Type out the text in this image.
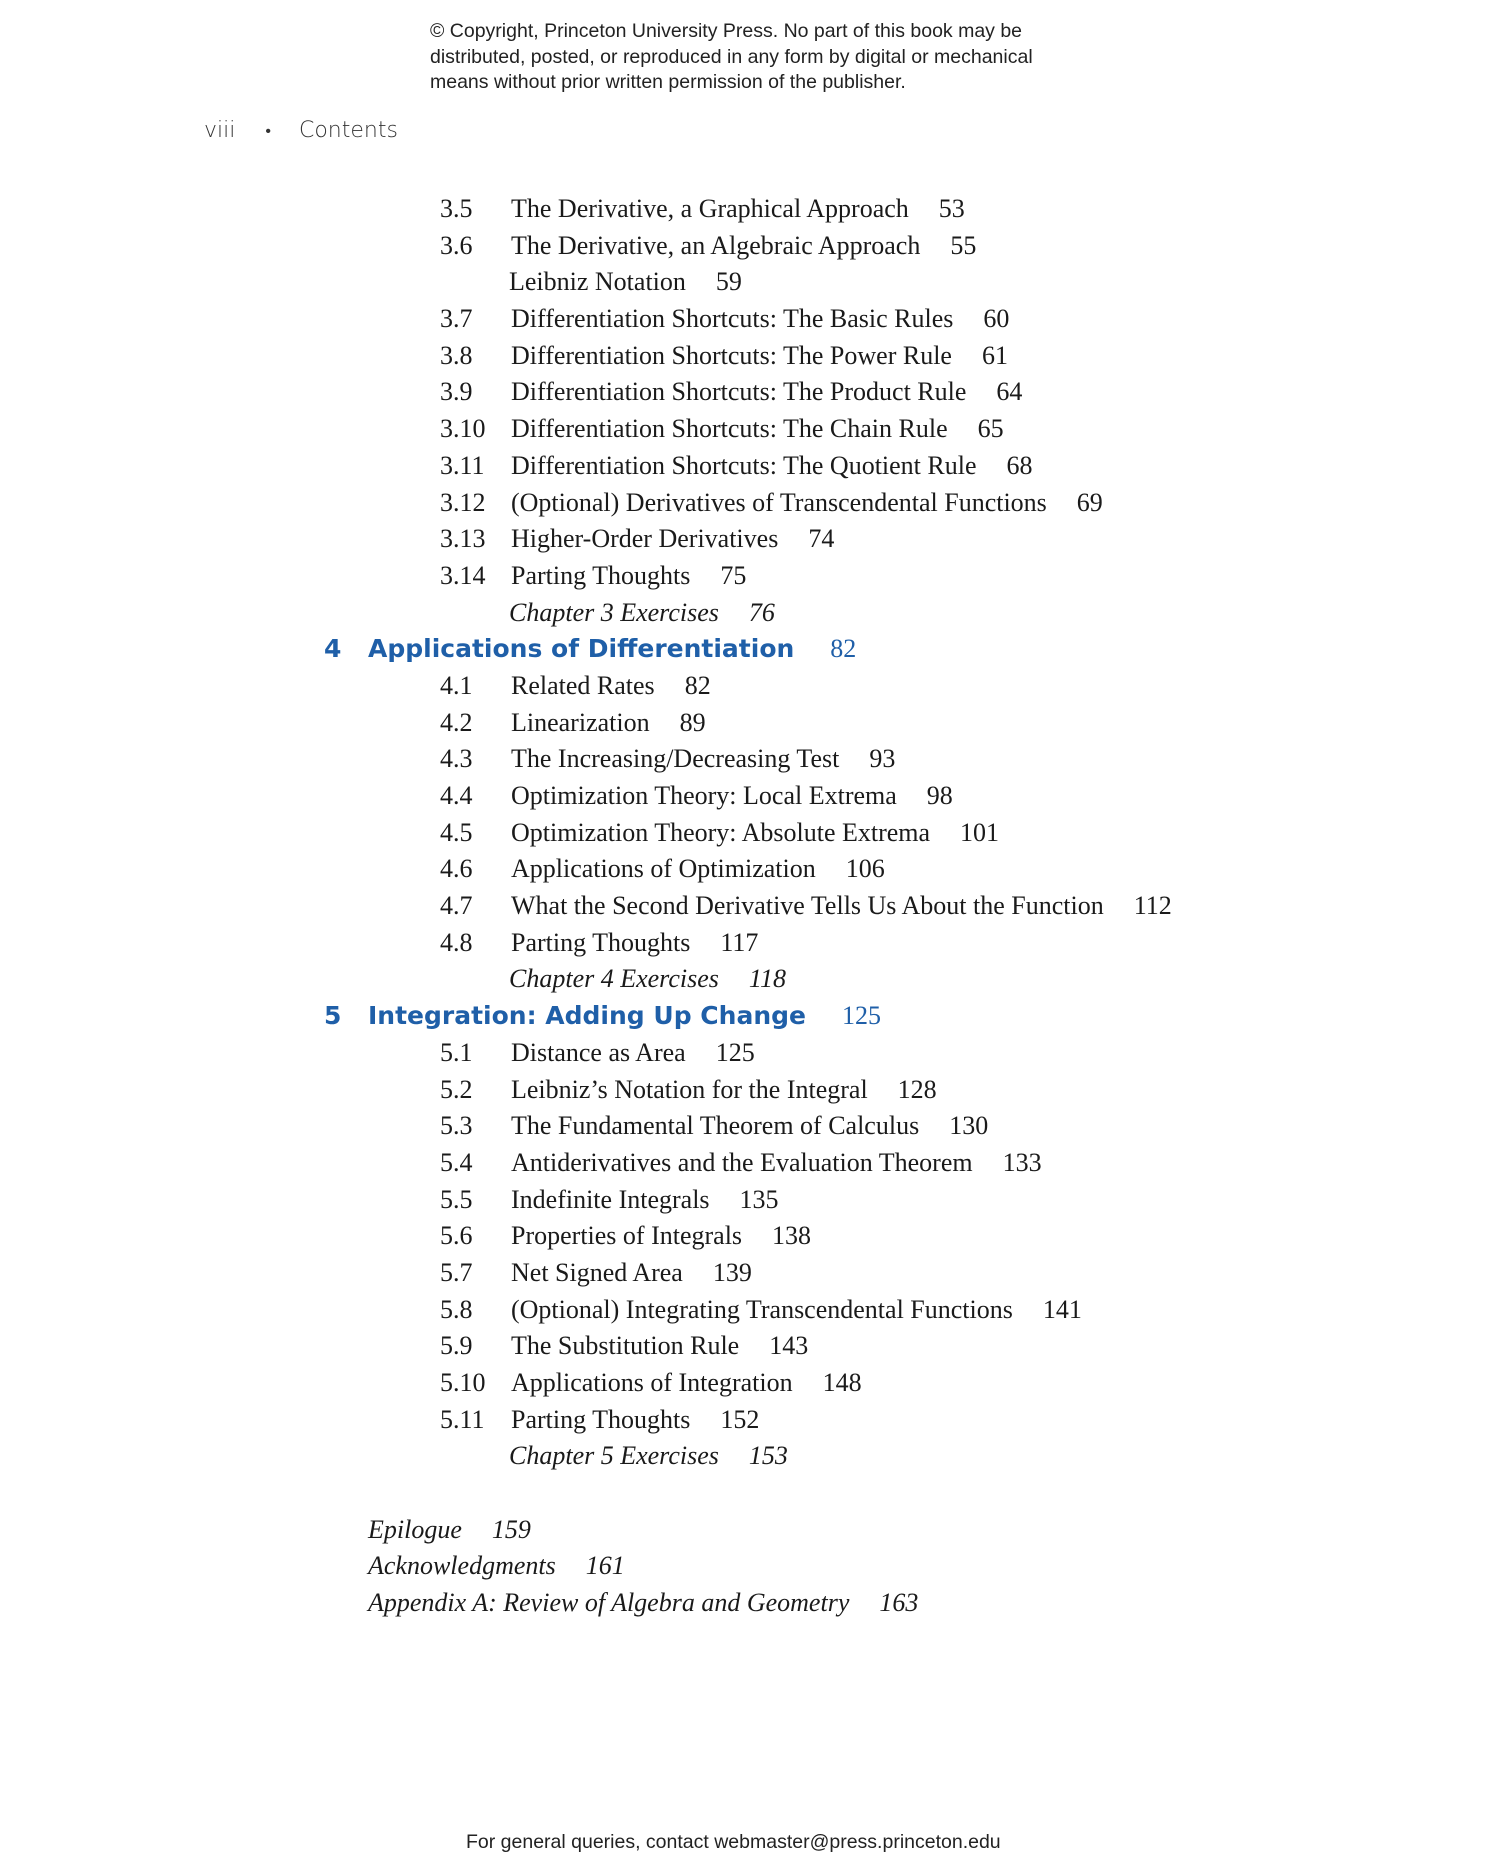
© Copyright, Princeton University Press. No part of this book may be
distributed, posted, or reproduced in any form by digital or mechanical
means without prior written permission of the publisher.
viii • Contents
3.5 The Derivative, a Graphical Approach 53
3.6 The Derivative, an Algebraic Approach 55
Leibniz Notation 59
3.7 Differentiation Shortcuts: The Basic Rules 60
3.8 Differentiation Shortcuts: The Power Rule 61
3.9 Differentiation Shortcuts: The Product Rule 64
3.10 Differentiation Shortcuts: The Chain Rule 65
3.11 Differentiation Shortcuts: The Quotient Rule 68
3.12 (Optional) Derivatives of Transcendental Functions 69
3.13 Higher-Order Derivatives 74
3.14 Parting Thoughts 75
Chapter 3 Exercises 76
4 Applications of Differentiation 82
4.1 Related Rates 82
4.2 Linearization 89
4.3 The Increasing/Decreasing Test 93
4.4 Optimization Theory: Local Extrema 98
4.5 Optimization Theory: Absolute Extrema 101
4.6 Applications of Optimization 106
4.7 What the Second Derivative Tells Us About the Function 112
4.8 Parting Thoughts 117
Chapter 4 Exercises 118
5 Integration: Adding Up Change 125
5.1 Distance as Area 125
5.2 Leibniz’s Notation for the Integral 128
5.3 The Fundamental Theorem of Calculus 130
5.4 Antiderivatives and the Evaluation Theorem 133
5.5 Indefinite Integrals 135
5.6 Properties of Integrals 138
5.7 Net Signed Area 139
5.8 (Optional) Integrating Transcendental Functions 141
5.9 The Substitution Rule 143
5.10 Applications of Integration 148
5.11 Parting Thoughts 152
Chapter 5 Exercises 153
Epilogue 159
Acknowledgments 161
Appendix A: Review of Algebra and Geometry 163
For general queries, contact webmaster@press.princeton.edu
